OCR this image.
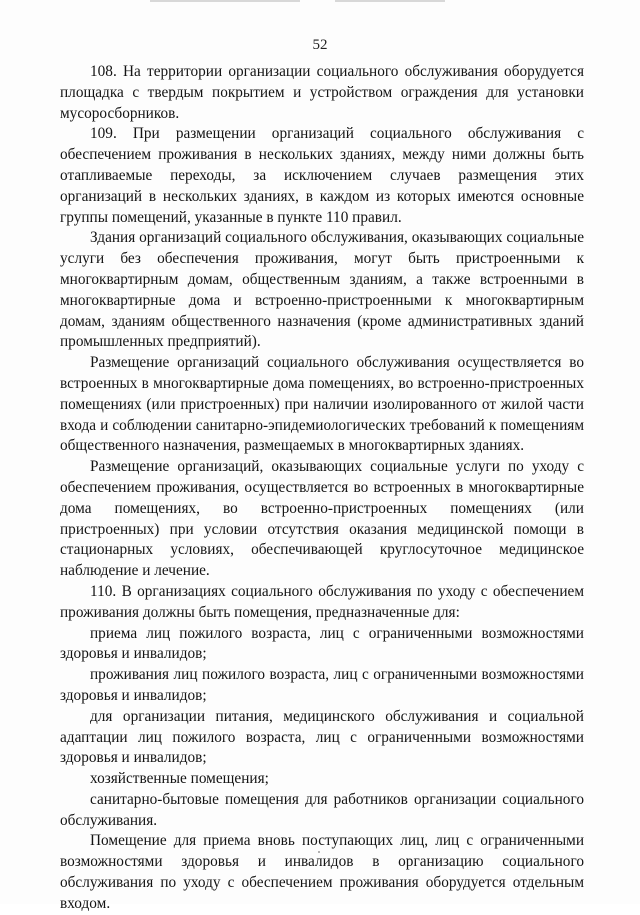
52

108. На территории организации социального обслуживания оборудуется площадка с твердым покрытием и устройством ограждения для установки мусоросборников.

109. При размещении организаций социального обслуживания с обеспечением проживания в нескольких зданиях, между ними должны быть отапливаемые переходы, за исключением случаев размещения этих организаций в нескольких зданиях, в каждом из которых имеются основные группы помещений, указанные в пункте 110 правил.

Здания организаций социального обслуживания, оказывающих социальные услуги без обеспечения проживания, могут быть пристроенными к многоквартирным домам, общественным зданиям, а также встроенными в многоквартирные дома и встроенно-пристроенными к многоквартирным домам, зданиям общественного назначения (кроме административных зданий промышленных предприятий).

Размещение организаций социального обслуживания осуществляется во встроенных в многоквартирные дома помещениях, во встроенно-пристроенных помещениях (или пристроенных) при наличии изолированного от жилой части входа и соблюдении санитарно-эпидемиологических требований к помещениям общественного назначения, размещаемых в многоквартирных зданиях.

Размещение организаций, оказывающих социальные услуги по уходу с обеспечением проживания, осуществляется во встроенных в многоквартирные дома помещениях, во встроенно-пристроенных помещениях (или пристроенных) при условии отсутствия оказания медицинской помощи в стационарных условиях, обеспечивающей круглосуточное медицинское наблюдение и лечение.

110. В организациях социального обслуживания по уходу с обеспечением проживания должны быть помещения, предназначенные для:

приема лиц пожилого возраста, лиц с ограниченными возможностями здоровья и инвалидов;

проживания лиц пожилого возраста, лиц с ограниченными возможностями здоровья и инвалидов;

для организации питания, медицинского обслуживания и социальной адаптации лиц пожилого возраста, лиц с ограниченными возможностями здоровья и инвалидов;

хозяйственные помещения;

санитарно-бытовые помещения для работников организации социального обслуживания.

Помещение для приема вновь поступающих лиц, лиц с ограниченными возможностями здоровья и инвалидов в организацию социального обслуживания по уходу с обеспечением проживания оборудуется отдельным входом.
